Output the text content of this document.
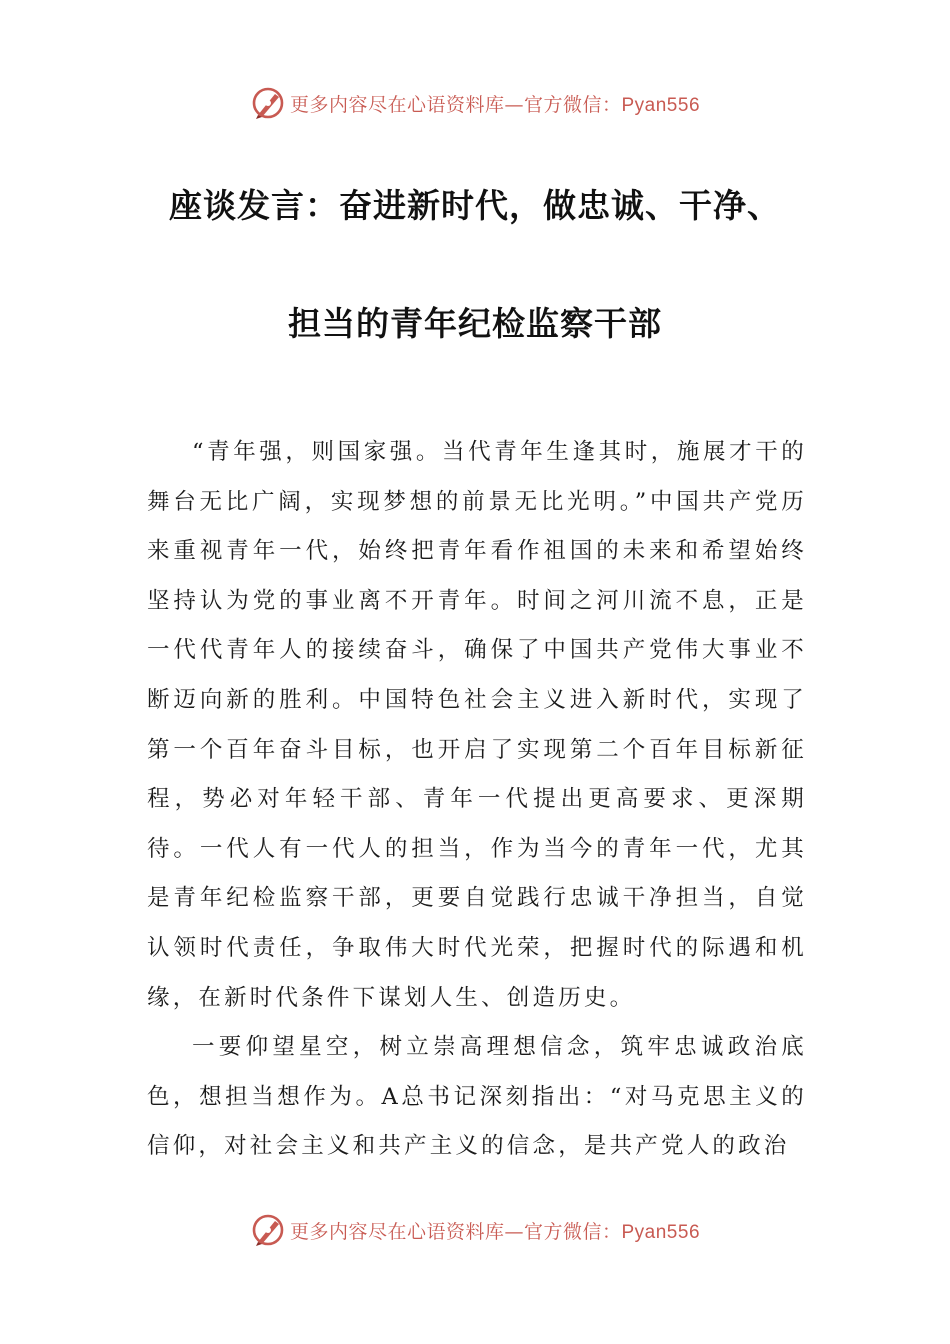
更多内容尽在心语资料库—官方微信：Pyan556
座谈发言：奋进新时代，做忠诚、干净、
担当的青年纪检监察干部

“青年强，则国家强。当代青年生逢其时，施展才干的舞台无比广阔，实现梦想的前景无比光明。”中国共产党历来重视青年一代，始终把青年看作祖国的未来和希望始终坚持认为党的事业离不开青年。时间之河川流不息，正是一代代青年人的接续奋斗，确保了中国共产党伟大事业不断迈向新的胜利。中国特色社会主义进入新时代，实现了第一个百年奋斗目标，也开启了实现第二个百年目标新征程，势必对年轻干部、青年一代提出更高要求、更深期待。一代人有一代人的担当，作为当今的青年一代，尤其是青年纪检监察干部，更要自觉践行忠诚干净担当，自觉认领时代责任，争取伟大时代光荣，把握时代的际遇和机缘，在新时代条件下谋划人生、创造历史。

一要仰望星空，树立崇高理想信念，筑牢忠诚政治底色，想担当想作为。A总书记深刻指出：“对马克思主义的信仰，对社会主义和共产主义的信念，是共产党人的政治

更多内容尽在心语资料库—官方微信：Pyan556
